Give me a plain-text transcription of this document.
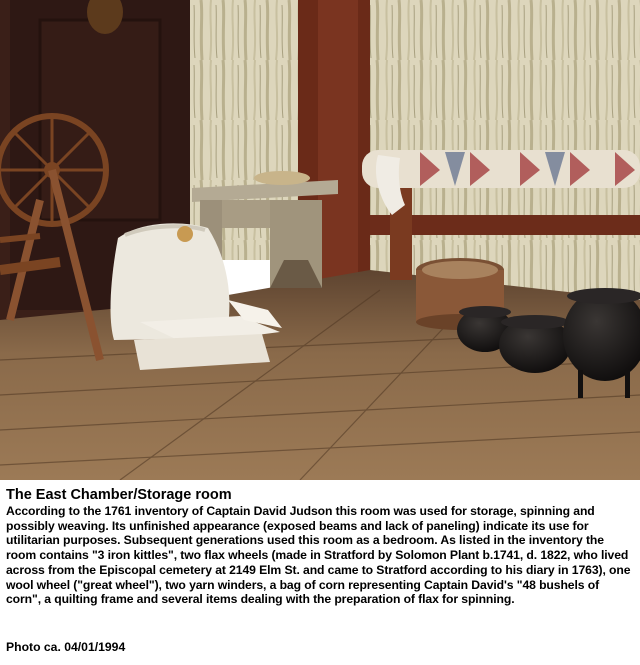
The East Chamber/Storage room

According to the 1761 inventory of Captain David Judson this room was used for storage, spinning and possibly weaving. Its unfinished appearance (exposed beams and lack of paneling) indicate its use for utilitarian purposes. Subsequent generations used this room as a bedroom. As listed in the inventory the room contains "3 iron kittles", two flax wheels (made in Stratford by Solomon Plant b.1741, d. 1822, who lived across from the Episcopal cemetery at 2149 Elm St. and came to Stratford according to his diary in 1763), one wool wheel ("great wheel"), two yarn winders, a bag of corn representing Captain David's "48 bushels of corn", a quilting frame and several items dealing with the preparation of flax for spinning.

Photo ca. 04/01/1994
